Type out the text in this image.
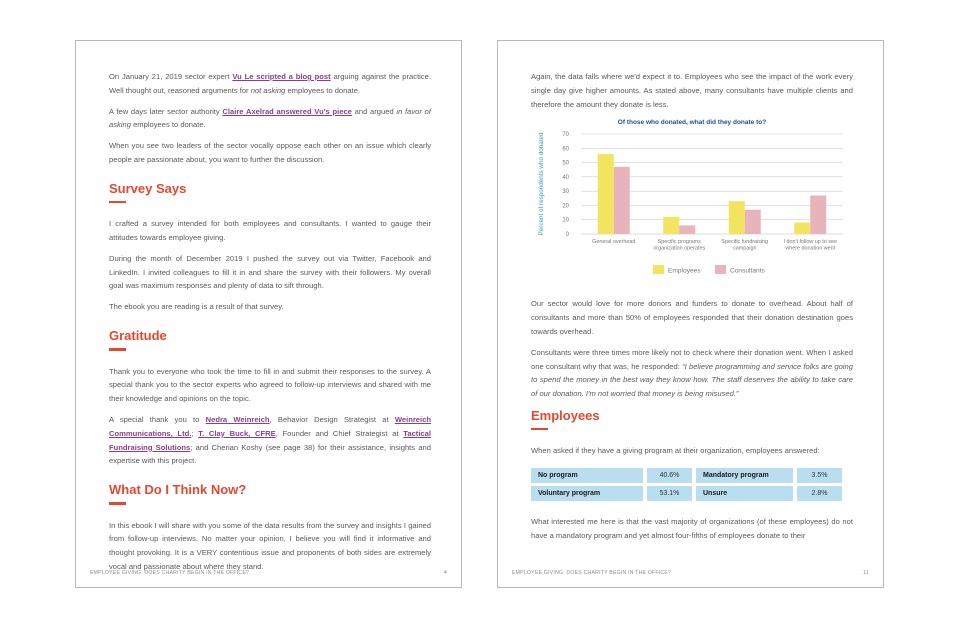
On January 21, 2019 sector expert Vu Le scripted a blog post arguing against the practice. Well thought out, reasoned arguments for not asking employees to donate.

A few days later sector authority Claire Axelrad answered Vu's piece and argued in favor of asking employees to donate.

When you see two leaders of the sector vocally oppose each other on an issue which clearly people are passionate about, you want to further the discussion.

Survey Says

I crafted a survey intended for both employees and consultants. I wanted to gauge their attitudes towards employee giving.

During the month of December 2019 I pushed the survey out via Twitter, Facebook and LinkedIn. I invited colleagues to fill it in and share the survey with their followers. My overall goal was maximum responses and plenty of data to sift through.

The ebook you are reading is a result of that survey.

Gratitude

Thank you to everyone who took the time to fill in and submit their responses to the survey. A special thank you to the sector experts who agreed to follow-up interviews and shared with me their knowledge and opinions on the topic.

A special thank you to Nedra Weinreich, Behavior Design Strategist at Weinreich Communications, Ltd.; T. Clay Buck, CFRE, Founder and Chief Strategist at Tactical Fundraising Solutions; and Cherian Koshy (see page 38) for their assistance, insights and expertise with this project.

What Do I Think Now?

In this ebook I will share with you some of the data results from the survey and insights I gained from follow-up interviews. No matter your opinion, I believe you will find it informative and thought provoking. It is a VERY contentious issue and proponents of both sides are extremely vocal and passionate about where they stand.

EMPLOYEE GIVING: DOES CHARITY BEGIN IN THE OFFICE?	4

Again, the data falls where we'd expect it to. Employees who see the impact of the work every single day give higher amounts. As stated above, many consultants have multiple clients and therefore the amount they donate is less.

Of those who donated, what did they donate to?
0
10
20
30
40
50
60
70
Percent of respondents who donated
General overhead	Specific programs
organization operates
Specific fundraising
campaign
I don't follow up to see
where donation went
Employees	Consultants

Our sector would love for more donors and funders to donate to overhead. About half of consultants and more than 50% of employees responded that their donation destination goes towards overhead.

Consultants were three times more likely not to check where their donation went. When I asked one consultant why that was, he responded: “I believe programming and service folks are going to spend the money in the best way they know how. The staff deserves the ability to take care of our donation. I'm not worried that money is being misused.”

Employees

When asked if they have a giving program at their organization, employees answered:

No program	40.6%	Mandatory program	3.5%
Voluntary program	53.1%	Unsure	2.8%

What interested me here is that the vast majority of organizations (of these employees) do not have a mandatory program and yet almost four-fifths of employees donate to their

EMPLOYEE GIVING: DOES CHARITY BEGIN IN THE OFFICE?	11
